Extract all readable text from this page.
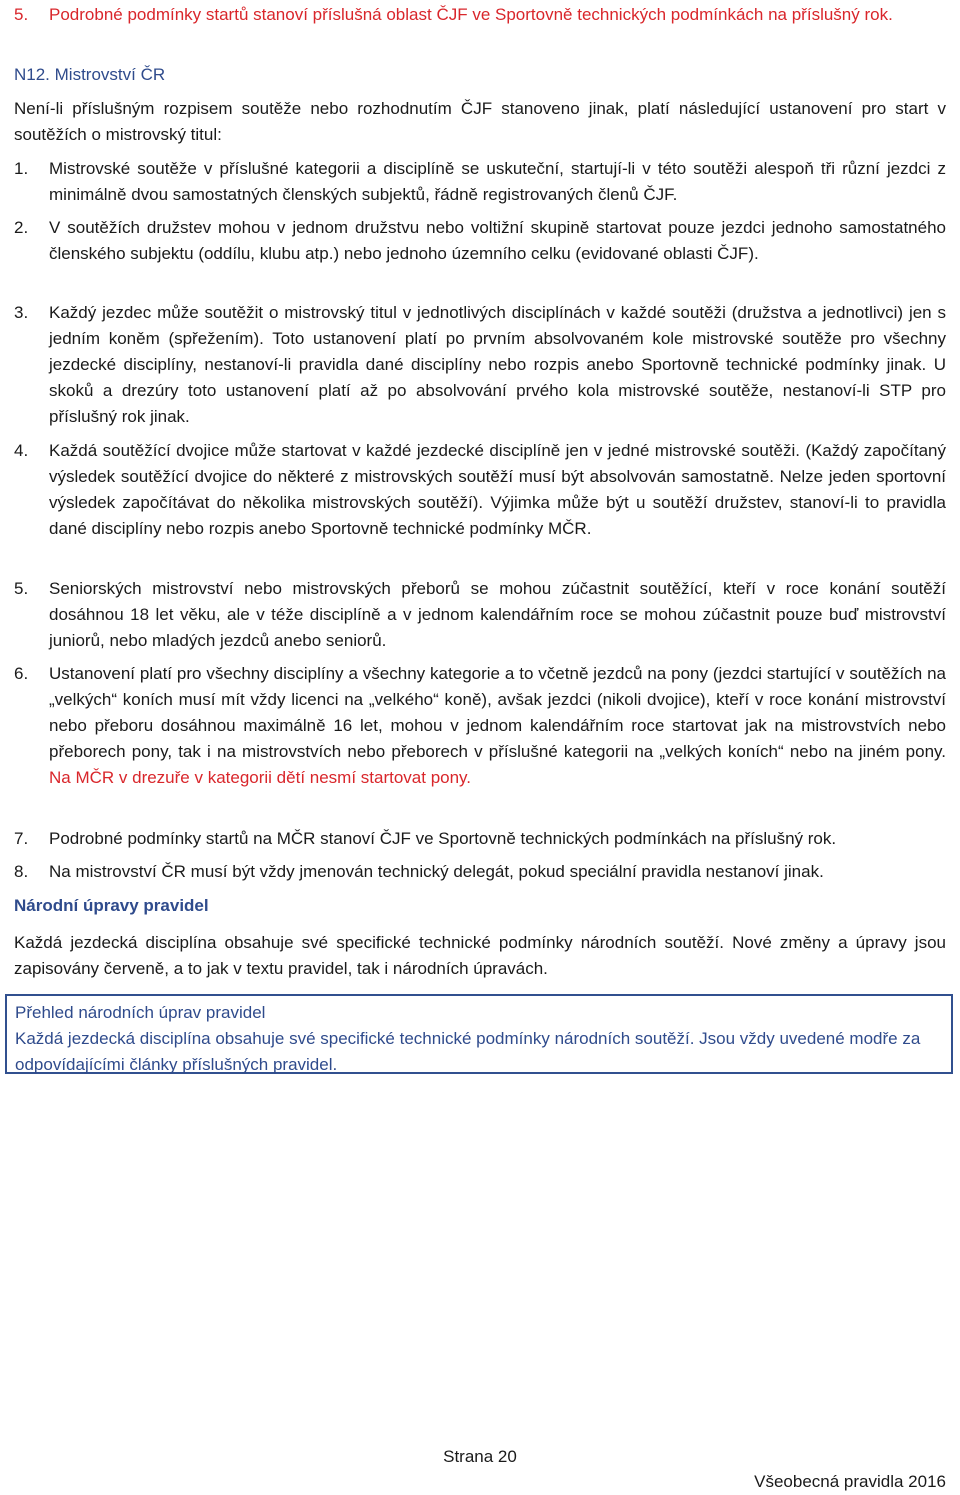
5.	Podrobné podmínky startů stanoví příslušná oblast ČJF ve Sportovně technických podmínkách na příslušný rok.
N12. Mistrovství ČR
Není-li příslušným rozpisem soutěže nebo rozhodnutím ČJF stanoveno jinak, platí následující ustanovení pro start v soutěžích o mistrovský titul:
1.	Mistrovské soutěže v příslušné kategorii a disciplíně se uskuteční, startují-li v této soutěži alespoň tři různí jezdci z minimálně dvou samostatných členských subjektů, řádně registrovaných členů ČJF.
2.	V soutěžích družstev mohou v jednom družstvu nebo voltižní skupině startovat pouze jezdci jednoho samostatného členského subjektu (oddílu, klubu atp.) nebo jednoho územního celku (evidované oblasti ČJF).
3.	Každý jezdec může soutěžit o mistrovský titul v jednotlivých disciplínách v každé soutěži (družstva a jednotlivci) jen s jedním koněm (spřežením). Toto ustanovení platí po prvním absolvovaném kole mistrovské soutěže pro všechny jezdecké disciplíny, nestanoví-li pravidla dané disciplíny nebo rozpis anebo Sportovně technické podmínky jinak. U skoků a drezúry toto ustanovení platí až po absolvování prvého kola mistrovské soutěže, nestanoví-li STP pro příslušný rok jinak.
4.	Každá soutěžící dvojice může startovat v každé jezdecké disciplíně jen v jedné mistrovské soutěži. (Každý započítaný výsledek soutěžící dvojice do některé z mistrovských soutěží musí být absolvován samostatně. Nelze jeden sportovní výsledek započítávat do několika mistrovských soutěží). Výjimka může být u soutěží družstev, stanoví-li to pravidla dané disciplíny nebo rozpis anebo Sportovně technické podmínky MČR.
5.	Seniorských mistrovství nebo mistrovských přeborů se mohou zúčastnit soutěžící, kteří v roce konání soutěží dosáhnou 18 let věku, ale v téže disciplíně a v jednom kalendářním roce se mohou zúčastnit pouze buď mistrovství juniorů, nebo mladých jezdců anebo seniorů.
6.	Ustanovení platí pro všechny disciplíny a všechny kategorie a to včetně jezdců na pony (jezdci startující v soutěžích na „velkých“ koních musí mít vždy licenci na „velkého“ koně), avšak jezdci (nikoli dvojice), kteří v roce konání mistrovství nebo přeboru dosáhnou maximálně 16 let, mohou v jednom kalendářním roce startovat jak na mistrovstvích nebo přeborech pony, tak i na mistrovstvích nebo přeborech v příslušné kategorii na „velkých koních“ nebo na jiném pony. Na MČR v drezuře v kategorii dětí nesmí startovat pony.
7.	Podrobné podmínky startů na MČR stanoví ČJF ve Sportovně technických podmínkách na příslušný rok.
8.	Na mistrovství ČR musí být vždy jmenován technický delegát, pokud speciální pravidla nestanoví jinak.
Národní úpravy pravidel
Každá jezdecká disciplína obsahuje své specifické technické podmínky národních soutěží. Nové změny a úpravy jsou zapisovány červeně, a to jak v textu pravidel, tak i národních úpravách.
Přehled národních úprav pravidel
Každá jezdecká disciplína obsahuje své specifické technické podmínky národních soutěží. Jsou vždy uvedené modře za odpovídajícími články příslušných pravidel.
Strana 20
Všeobecná pravidla 2016
